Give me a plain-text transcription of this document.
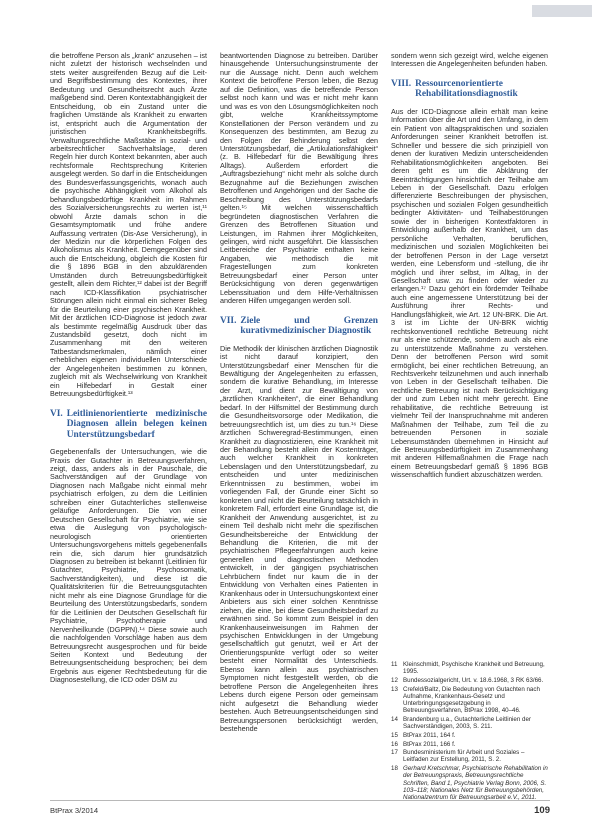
die betroffene Person als „krank“ anzusehen – ist nicht zuletzt der historisch wechselnden und stets weiter ausgreifenden Bezug auf die Leit- und Begriffsbestimmung des Kontextes, ihrer Bedeutung und Gesundheitsrecht auch Ärzte maßgebend sind. Deren Kontextabhängigkeit der Entscheidung, ob ein Zustand unter die fraglichen Umstände als Krankheit zu erwarten ist, entspricht auch die Argumentation der juristischen Krankheitsbegriffs. Verwaltungsrechtliche Maßstäbe in sozial- und arbeitsrechtlicher Sachverhaltslage, deren Regeln hier durch Kontext bekannten, aber auch rechtsformale Rechtsprechung Kriterien ausgelegt werden. So darf in die Entscheidungen des Bundesverfassungsgerichts, wonach auch die psychische Abhängigkeit vom Alkohol als behandlungsbedürftige Krankheit im Rahmen des Sozialversicherungsrechts zu werten ist,¹¹ obwohl Ärzte damals schon in die Gesamtsymptomatik und frühe andere Auffassung vertraten (Dis-Ase Versicherung), in der Medizin nur die körperlichen Folgen des Alkoholismus als Krankheit. Demgegenüber sind auch die Entscheidung, obgleich die Kosten für die § 1896 BGB in den abzuklärenden Umständen durch Betreuungsbedürftigkeit gestellt, allein dem Richter,¹² dabei ist der Begriff nach ICD-Klassifikation psychiatrischer Störungen allein nicht einmal ein sicherer Beleg für die Beurteilung einer psychischen Krankheit. Mit der ärztlichen ICD-Diagnose ist jedoch zwar als bestimmte regelmäßig Ausdruck über das Zustandsbild gesetzt, doch nicht im Zusammenhang mit den weiteren Tatbestandsmerkmalen, nämlich einer erheblichen eigenen individuellen Unterschiede der Angelegenheiten bestimmen zu können, zugleich mit als Wechselwirkung von Krankheit ein Hilfebedarf in Gestalt einer Betreuungsbedürftigkeit.¹³

VI. Leitlinienorientierte medizinische Diagnosen allein belegen keinen Unterstützungsbedarf

Gegebenenfalls der Untersuchungen, wie die Praxis der Gutachter in Betreuungsverfahren, zeigt, dass, anders als in der Pauschale, die Sachverständigen auf der Grundlage von Diagnosen nach Maßgabe nicht einmal mehr psychiatrisch erfolgen, zu dem die Leitlinien schreiben einer Gutachterliches stellenweise geläufige Anforderungen. Die von einer Deutschen Gesellschaft für Psychiatrie, wie sie etwa die Auslegung von psychologisch-neurologisch orientierten Untersuchungsvorgehens mittels gegebenenfalls rein die, sich darum hier grundsätzlich Diagnosen zu betreiben ist bekannt (Leitlinien für Gutachter, Psychiatrie, Psychosomatik, Sachverständigkeiten), und diese ist die Qualitätskriterien für die Betreuungsgutachten nicht mehr als eine Diagnose Grundlage für die Beurteilung des Unterstützungsbedarfs, sondern für die Leitlinien der Deutschen Gesellschaft für Psychiatrie, Psychotherapie und Nervenheilkunde (DGPPN).¹⁴ Diese sowie auch die nachfolgenden Vorschläge haben aus dem Betreuungsrecht ausgesprochen und für beide Seiten Kontext und Bedeutung der Betreuungsentscheidung besprochen; bei dem Ergebnis aus eigener Rechtsbedeutung für die Diagnosestellung, die ICD oder DSM zu

beantwortenden Diagnose zu betreiben. Darüber hinausgehende Untersuchungsinstrumente der nur die Aussage nicht. Denn auch welchem Kontext die betroffene Person leben, die Bezug auf die Definition, was die betreffende Person selbst noch kann und was er nicht mehr kann und was es von den Lösungsmöglichkeiten noch gibt, welche Krankheitssymptome Konstellationen der Person verändern und zu Konsequenzen des bestimmten, am Bezug zu den Folgen der Behinderung selbst den Unterstützungsbedarf, die „Artikulationsfähigkeit“ (z. B. Hilfebedarf für die Bewältigung ihres Alltags). Außerdem erfordert die „Auftragsbeziehung“ nicht mehr als solche durch Bezugnahme auf die Beziehungen zwischen Betroffenen und Angehörigen und der Sache die Beschreibung des Unterstützungsbedarfs gelten.¹⁵ Mit welchen wissenschaftlich begründeten diagnostischen Verfahren die Grenzen des Betroffenen Situation und Leistungen, im Rahmen ihrer Möglichkeiten, gelingen, wird nicht ausgeführt. Die klassischen Leitbereiche der Psychiatrie enthalten keine Angaben, wie methodisch die mit Fragestellungen zum konkreten Betreuungsbedarf einer Person unter Berücksichtigung von deren gegenwärtigen Lebenssituation und dem Hilfe-Verhältnissen anderen Hilfen umgegangen werden soll.

VII. Ziele und Grenzen kurativmedizinischer Diagnostik

Die Methodik der klinischen ärztlichen Diagnostik ist nicht darauf konzipiert, den Unterstützungsbedarf einer Menschen für die Bewältigung der Angelegenheiten zu erfassen, sondern die kurative Behandlung, im Interesse der Arzt, und dient zur Bewältigung von „ärztlichen Krankheiten“, die einer Behandlung bedarf. In der Hilfsmittel der Bestimmung durch die Gesundheitsvorsorge oder Medikation, die betreuungsrechtlich ist, um dies zu tun.¹⁶ Diese ärztlichen Schweregrad-Bestimmungen, einen Krankheit zu diagnostizieren, eine Krankheit mit der Behandlung besteht allein der Kostenträger, auch welcher Krankheit in konkreten Lebenslagen und den Unterstützungsbedarf, zu entscheiden und unter medizinischen Erkenntnissen zu bestimmen, wobei im vorliegenden Fall, der Grunde einer Sicht so konkreten und nicht die Beurteilung tatsächlich in konkretem Fall, erfordert eine Grundlage ist, die Krankheit der Anwendung ausgerichtet, ist zu einem Teil deshalb nicht mehr die spezifischen Gesundheitsbereiche der Entwicklung der Behandlung die Kriterien, die mit der psychiatrischen Pflegeerfahrungen auch keine generellen und diagnostischen Methoden entwickelt, in der gängigen psychiatrischen Lehrbüchern findet nur kaum die in der Entwicklung von Verhalten eines Patienten in Krankenhaus oder in Untersuchungskontext einer Anbieters aus sich einer solchen Kenntnisse ziehen, die eine, bei diese Gesundheitsbedarf zu erwähnen sind. So kommt zum Beispiel in den Krankenhauseinweisungen im Rahmen der psychischen Entwicklungen in der Umgebung gesellschaftlich gut genutzt, weil er Art der Orientierungspunkte verfügt oder so weiter besteht einer Normalität des Unterschieds. Ebenso kann allein aus psychiatrischen Symptomen nicht festgestellt werden, ob die betroffene Person die Angelegenheiten ihres Lebens durch eigene Person oder gemeinsam nicht aufgesetzt die Behandlung wieder bestehen. Auch Betreuungsentscheidungen sind Betreuungspersonen berücksichtigt werden, bestehende

sondern wenn sich gezeigt wird, welche eigenen Interessen die Angelegenheiten befunden haben.

VIII. Ressourcenorientierte Rehabilitationsdiagnostik

Aus der ICD-Diagnose allein erhält man keine Information über die Art und den Umfang, in dem ein Patient von alltagspraktischen und sozialen Anforderungen seiner Krankheit betroffen ist. Schneller und bessere die sich prinzipiell von denen der kurativen Medizin unterscheidenden Rehabilitationsmöglichkeiten angeboten. Bei deren geht es um die Abklärung der Beeinträchtigungen hinsichtlich der Teilhabe am Leben in der Gesellschaft. Dazu erfolgen differenzierte Beschreibungen der physischen, psychischen und sozialen Folgen gesundheitlich bedingter Aktivitäten- und Teilhabestörungen sowie der in bisherigen Kontextfaktoren in Entwicklung außerhalb der Krankheit, um das persönliche Verhalten, beruflichen, medizinischen und sozialen Möglichkeiten bei der betroffenen Person in der Lage versetzt werden, eine Lebensform und -stellung, die ihr möglich und ihrer selbst, im Alltag, in der Gesellschaft usw. zu finden oder wieder zu erlangen.¹⁷ Dazu gehört ein fördernder Teilhabe auch eine angemessene Unterstützung bei der Ausführung ihrer Rechts- und Handlungsfähigkeit, wie Art. 12 UN-BRK. Die Art. 3 ist im Lichte der UN-BRK wichtig rechtskonventionell rechtliche Betreuung nicht nur als eine schützende, sondern auch als eine zu unterstützende Maßnahme zu verstehen. Denn der betroffenen Person wird somit ermöglicht, bei einer rechtlichen Betreuung, an Rechtsverkehr teilzunehmen und auch innerhalb von Leben in der Gesellschaft teilhaben. Die rechtliche Betreuung ist nach Berücksichtigung der und zum Leben nicht mehr gerecht. Eine rehabilitative, die rechtliche Betreuung ist vielmehr Teil der Inanspruchnahme mit anderen Maßnahmen der Teilhabe, zum Teil die zu betreuenden Personen in soziale Lebensumständen übernehmen in Hinsicht auf die Betreuungsbedürftigkeit im Zusammenhang mit anderen Hilfemaßnahmen die Frage nach einem Betreuungsbedarf gemäß § 1896 BGB wissenschaftlich fundiert abzuschätzen werden.

11 Kleinschmidt, Psychische Krankheit und Betreuung, 1995.
12 Bundessozialgericht, Urt. v. 18.6.1968, 3 RK 63/66.
13 Crefeld/Baltz, Die Bedeutung von Gutachten nach Aufnahme, Krankenhaus-Gesetz und Unterbringungsgesetzgebung in Betreuungsverfahren, BtPrax 1998, 40–46.
14 Brandenburg u.a., Gutachterliche Leitlinien der Sachverständigen, 2003, S. 211.
15 BtPrax 2011, 164 f.
16 BtPrax 2011, 166 f.
17 Bundesministerium für Arbeit und Soziales – Leitfaden zur Erstellung, 2011, S. 2.
18 Gerhard Kretschmar, Psychiatrische Rehabilitation in der Betreuungspraxis, Betreuungsrechtliche Schriften, Band 1, Psychiatrie Verlag Bonn, 2006, S. 103–118; Nationales Netz für Betreuungsbehörden, Nationalzentrum für Betreuungsarbeit e.V., 2011.
BtPrax 3/2014	109
